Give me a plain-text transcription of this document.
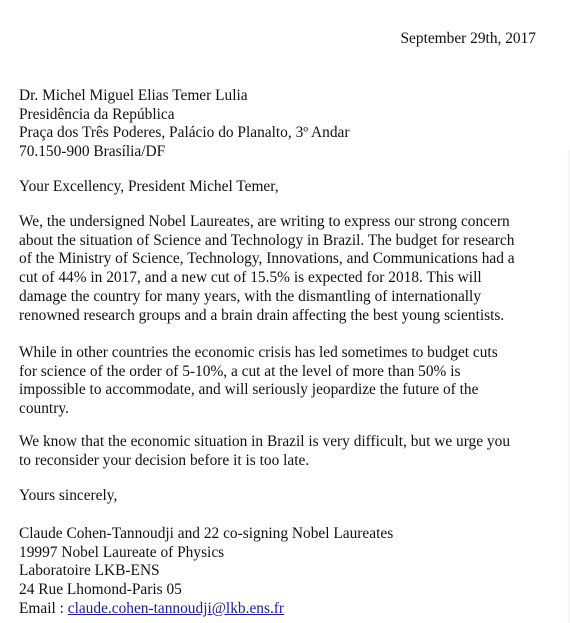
September 29th, 2017
Dr. Michel Miguel Elias Temer Lulia
Presidência da República
Praça dos Três Poderes, Palácio do Planalto, 3º Andar
70.150-900 Brasília/DF
Your Excellency, President Michel Temer,
We, the undersigned Nobel Laureates, are writing to express our strong concern
about the situation of Science and Technology in Brazil. The budget for research
of the Ministry of Science, Technology, Innovations, and Communications had a
cut of 44% in 2017, and a new cut of 15.5% is expected for 2018. This will
damage the country for many years, with the dismantling of internationally
renowned research groups and a brain drain affecting the best young scientists.
While in other countries the economic crisis has led sometimes to budget cuts
for science of the order of 5-10%, a cut at the level of more than 50% is
impossible to accommodate, and will seriously jeopardize the future of the
country.
We know that the economic situation in Brazil is very difficult, but we urge you
to reconsider your decision before it is too late.
Yours sincerely,
Claude Cohen-Tannoudji and 22 co-signing Nobel Laureates
19997 Nobel Laureate of Physics
Laboratoire LKB-ENS
24 Rue Lhomond-Paris 05
Email : claude.cohen-tannoudji@lkb.ens.fr
